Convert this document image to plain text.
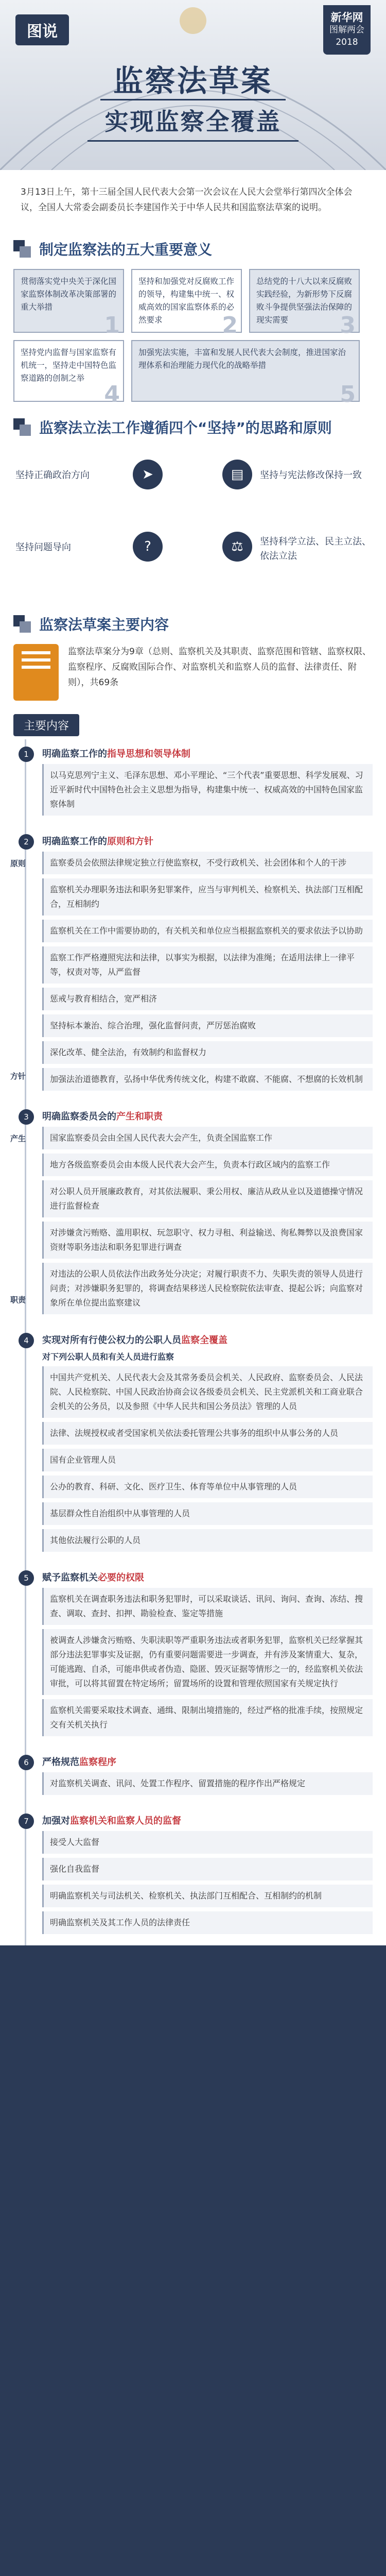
图说
新华网
图解两会
2018
监察法草案
实现监察全覆盖
3月13日上午，第十三届全国人民代表大会第一次会议在人民大会堂举行第四次全体会议，全国人大常委会副委员长李建国作关于中华人民共和国监察法草案的说明。
制定监察法的五大重要意义
贯彻落实党中央关于深化国家监察体制改革决策部署的重大举措
1
坚持和加强党对反腐败工作的领导，构建集中统一、权威高效的国家监察体系的必然要求	2
总结党的十八大以来反腐败实践经验，为新形势下反腐败斗争提供坚强法治保障的现实需要 3
坚持党内监督与国家监察有机统一，坚持走中国特色监察道路的创制之举
4
加强宪法实施，丰富和发展人民代表大会制度，推进国家治理体系和治理能力现代化的战略举措
5
监察法立法工作遵循四个“坚持”的思路和原则
➤
坚持正确政治方向	▤	坚持与宪法修改保持一致
?
坚持问题导向	⚖	坚持科学立法、民主立法、依法立法
监察法草案主要内容
监察法草案分为9章（总则、监察机关及其职责、监察范围和管辖、监察权限、监察程序、反腐败国际合作、对监察机关和监察人员的监督、法律责任、附则），共69条
主要内容
1	明确监察工作的指导思想和领导体制
以马克思列宁主义、毛泽东思想、邓小平理论、“三个代表”重要思想、科学发展观、习近平新时代中国特色社会主义思想为指导，构建集中统一、权威高效的中国特色国家监察体制
2	明确监察工作的原则和方针
监察委员会依照法律规定独立行使监察权，不受行政机关、社会团体和个人的干涉
监察机关办理职务违法和职务犯罪案件，应当与审判机关、检察机关、执法部门互相配合，互相制约
监察机关在工作中需要协助的，有关机关和单位应当根据监察机关的要求依法予以协助
监察工作严格遵照宪法和法律，以事实为根据，以法律为准绳；在适用法律上一律平等，权责对等，从严监督
惩戒与教育相结合，宽严相济
坚持标本兼治、综合治理，强化监督问责，严厉惩治腐败
深化改革、健全法治，有效制约和监督权力
加强法治道德教育，弘扬中华优秀传统文化，构建不敢腐、不能腐、不想腐的长效机制
原则
方针
3	明确监察委员会的产生和职责
国家监察委员会由全国人民代表大会产生，负责全国监察工作
地方各级监察委员会由本级人民代表大会产生，负责本行政区域内的监察工作
对公职人员开展廉政教育，对其依法履职、秉公用权、廉洁从政从业以及道德操守情况进行监督检查
对涉嫌贪污贿赂、滥用职权、玩忽职守、权力寻租、利益输送、徇私舞弊以及浪费国家资财等职务违法和职务犯罪进行调查
对违法的公职人员依法作出政务处分决定；对履行职责不力、失职失责的领导人员进行问责；对涉嫌职务犯罪的，将调查结果移送人民检察院依法审查、提起公诉；向监察对象所在单位提出监察建议
产生
职责
4	实现对所有行使公权力的公职人员监察全覆盖
对下列公职人员和有关人员进行监察
中国共产党机关、人民代表大会及其常务委员会机关、人民政府、监察委员会、人民法院、人民检察院、中国人民政治协商会议各级委员会机关、民主党派机关和工商业联合会机关的公务员，以及参照《中华人民共和国公务员法》管理的人员
法律、法规授权或者受国家机关依法委托管理公共事务的组织中从事公务的人员
国有企业管理人员
公办的教育、科研、文化、医疗卫生、体育等单位中从事管理的人员
基层群众性自治组织中从事管理的人员
其他依法履行公职的人员
5	赋予监察机关必要的权限
监察机关在调查职务违法和职务犯罪时，可以采取谈话、讯问、询问、查询、冻结、搜查、调取、查封、扣押、勘验检查、鉴定等措施
被调查人涉嫌贪污贿赂、失职渎职等严重职务违法或者职务犯罪，监察机关已经掌握其部分违法犯罪事实及证据，仍有重要问题需要进一步调查，并有涉及案情重大、复杂，可能逃跑、自杀，可能串供或者伪造、隐匿、毁灭证据等情形之一的，经监察机关依法审批，可以将其留置在特定场所；留置场所的设置和管理依照国家有关规定执行
监察机关需要采取技术调查、通缉、限制出境措施的，经过严格的批准手续，按照规定交有关机关执行
6	严格规范监察程序
对监察机关调查、讯问、处置工作程序、留置措施的程序作出严格规定
7	加强对监察机关和监察人员的监督
接受人大监督
强化自我监督
明确监察机关与司法机关、检察机关、执法部门互相配合、互相制约的机制
明确监察机关及其工作人员的法律责任
